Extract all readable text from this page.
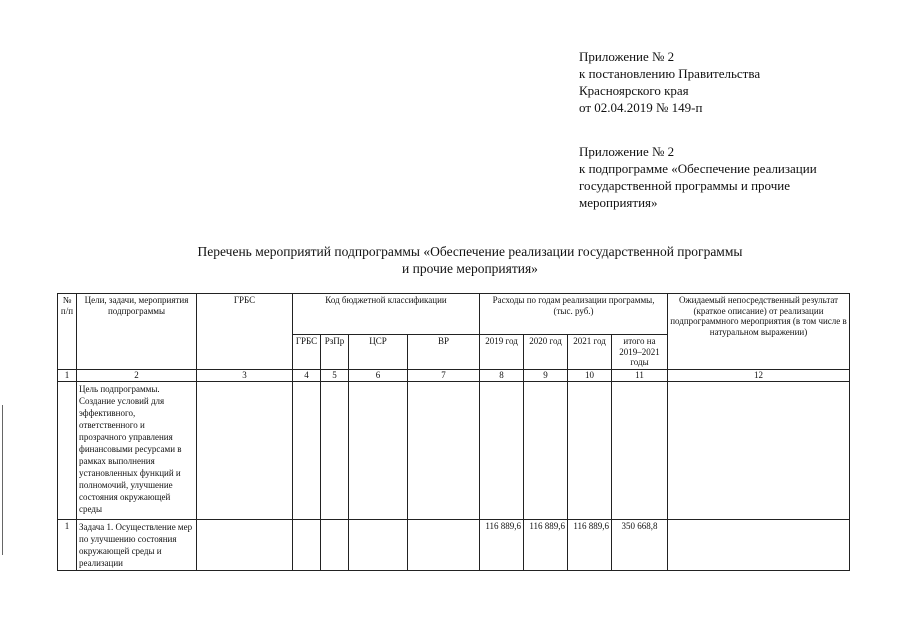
Приложение № 2
к постановлению Правительства
Красноярского края
от 02.04.2019 № 149-п
Приложение № 2
к подпрограмме «Обеспечение реализации
государственной программы и прочие
мероприятия»
Перечень мероприятий подпрограммы «Обеспечение реализации государственной программы
и прочие мероприятия»
№ п/п	Цели, задачи, мероприятия подпрограммы	ГРБС	Код бюджетной классификации				Расходы по годам реализации программы, (тыс. руб.)				Ожидаемый непосредственный результат (краткое описание) от реализации подпрограммного мероприятия (в том числе в натуральном выражении)
			ГРБС	РзПр	ЦСР	ВР	2019 год	2020 год	2021 год	итого на 2019–2021 годы	
1	2	3	4	5	6	7	8	9	10	11	12
	Цель подпрограммы. Создание условий для эффективного, ответственного и прозрачного управления финансовыми ресурсами в рамках выполнения установленных функций и полномочий, улучшение состояния окружающей среды										
1	Задача 1. Осуществление мер по улучшению состояния окружающей среды и реализации						116 889,6	116 889,6	116 889,6	350 668,8	
